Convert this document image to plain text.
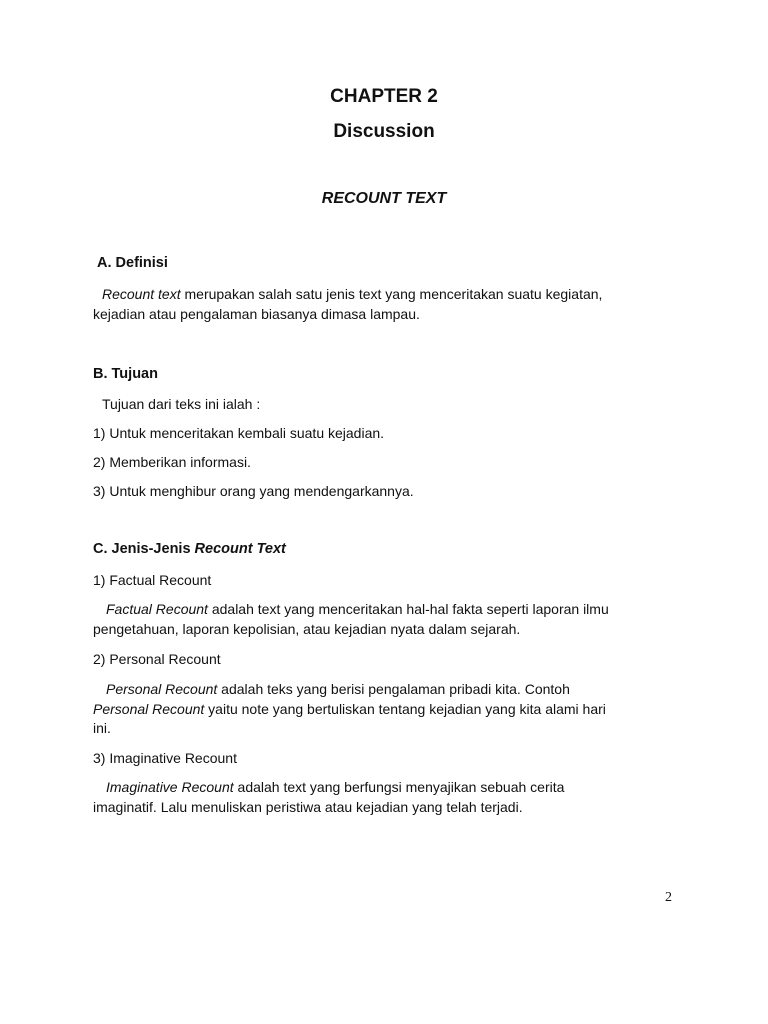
CHAPTER 2
Discussion
RECOUNT TEXT
A. Definisi
Recount text merupakan salah satu jenis text yang menceritakan suatu kegiatan,
kejadian atau pengalaman biasanya dimasa lampau.
B. Tujuan
Tujuan dari teks ini ialah :
1) Untuk menceritakan kembali suatu kejadian.
2) Memberikan informasi.
3) Untuk menghibur orang yang mendengarkannya.
C. Jenis-Jenis Recount Text
1) Factual Recount
Factual Recount adalah text yang menceritakan hal-hal fakta seperti laporan ilmu
pengetahuan, laporan kepolisian, atau kejadian nyata dalam sejarah.
2) Personal Recount
Personal Recount adalah teks yang berisi pengalaman pribadi kita. Contoh
Personal Recount yaitu note yang bertuliskan tentang kejadian yang kita alami hari
ini.
3) Imaginative Recount
Imaginative Recount adalah text yang berfungsi menyajikan sebuah cerita
imaginatif. Lalu menuliskan peristiwa atau kejadian yang telah terjadi.
2
